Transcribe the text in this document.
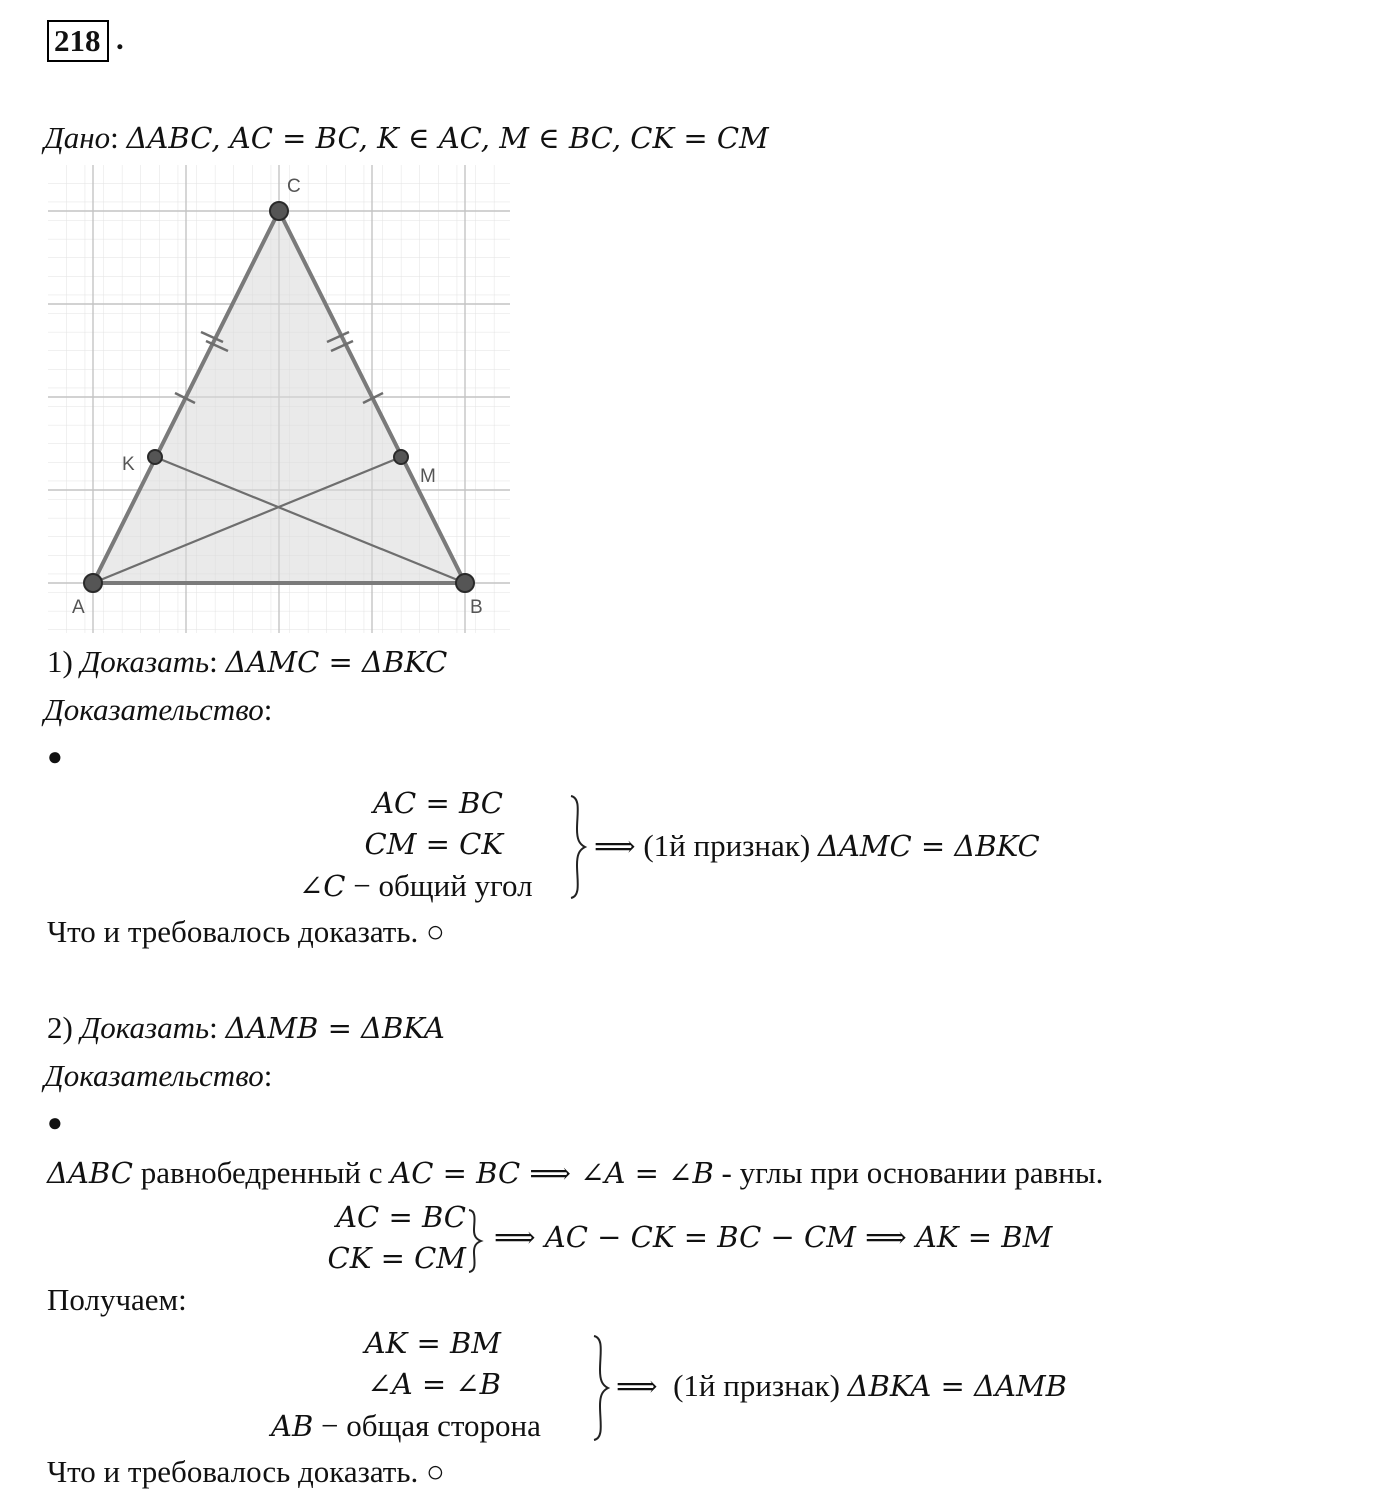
218 .
Дано: ΔABC, AC = BC, K ∈ AC, M ∈ BC, CK = CM
C
A	B
K
M
1) Доказать: ΔAMC = ΔBKC
Доказательство:
●
AC = BC
CM = CK
∠C − общий угол
⟹ (1й признак) ΔAMC = ΔBKC
Что и требовалось доказать. ○
2) Доказать: ΔAMB = ΔBKA
Доказательство:
●
ΔABC равнобедренный с AC = BC ⟹ ∠A = ∠B - углы при основании равны.
AC = BC
CK = CM
⟹ AC − CK = BC − CM ⟹ AK = BM
Получаем:
AK = BM
∠A = ∠B
AB − общая сторона
⟹  (1й признак) ΔBKA = ΔAMB
Что и требовалось доказать. ○
